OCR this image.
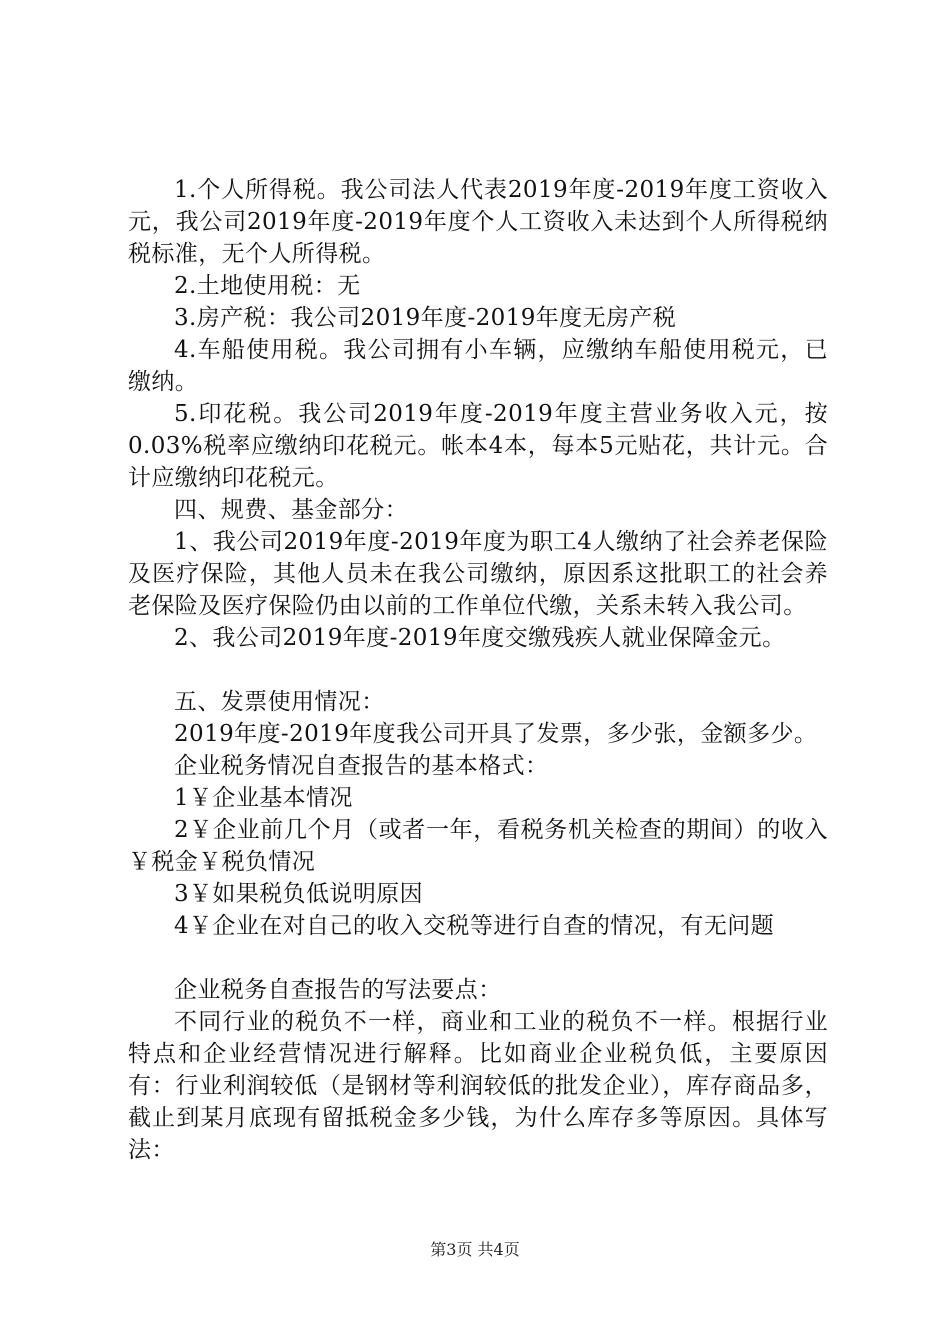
1.个人所得税。我公司法人代表2019年度-2019年度工资收入元，我公司2019年度-2019年度个人工资收入未达到个人所得税纳税标准，无个人所得税。

2.土地使用税：无

3.房产税：我公司2019年度-2019年度无房产税

4.车船使用税。我公司拥有小车辆，应缴纳车船使用税元，已缴纳。

5.印花税。我公司2019年度-2019年度主营业务收入元，按0.03%税率应缴纳印花税元。帐本4本，每本5元贴花，共计元。合计应缴纳印花税元。

四、规费、基金部分：

1、我公司2019年度-2019年度为职工4人缴纳了社会养老保险及医疗保险，其他人员未在我公司缴纳，原因系这批职工的社会养老保险及医疗保险仍由以前的工作单位代缴，关系未转入我公司。

2、我公司2019年度-2019年度交缴残疾人就业保障金元。

五、发票使用情况：

2019年度-2019年度我公司开具了发票，多少张，金额多少。

企业税务情况自查报告的基本格式：

1￥企业基本情况

2￥企业前几个月（或者一年，看税务机关检查的期间）的收入￥税金￥税负情况

3￥如果税负低说明原因

4￥企业在对自己的收入交税等进行自查的情况，有无问题

企业税务自查报告的写法要点：

不同行业的税负不一样，商业和工业的税负不一样。根据行业特点和企业经营情况进行解释。比如商业企业税负低，主要原因有：行业利润较低（是钢材等利润较低的批发企业），库存商品多，截止到某月底现有留抵税金多少钱，为什么库存多等原因。具体写法：

第3页 共4页
